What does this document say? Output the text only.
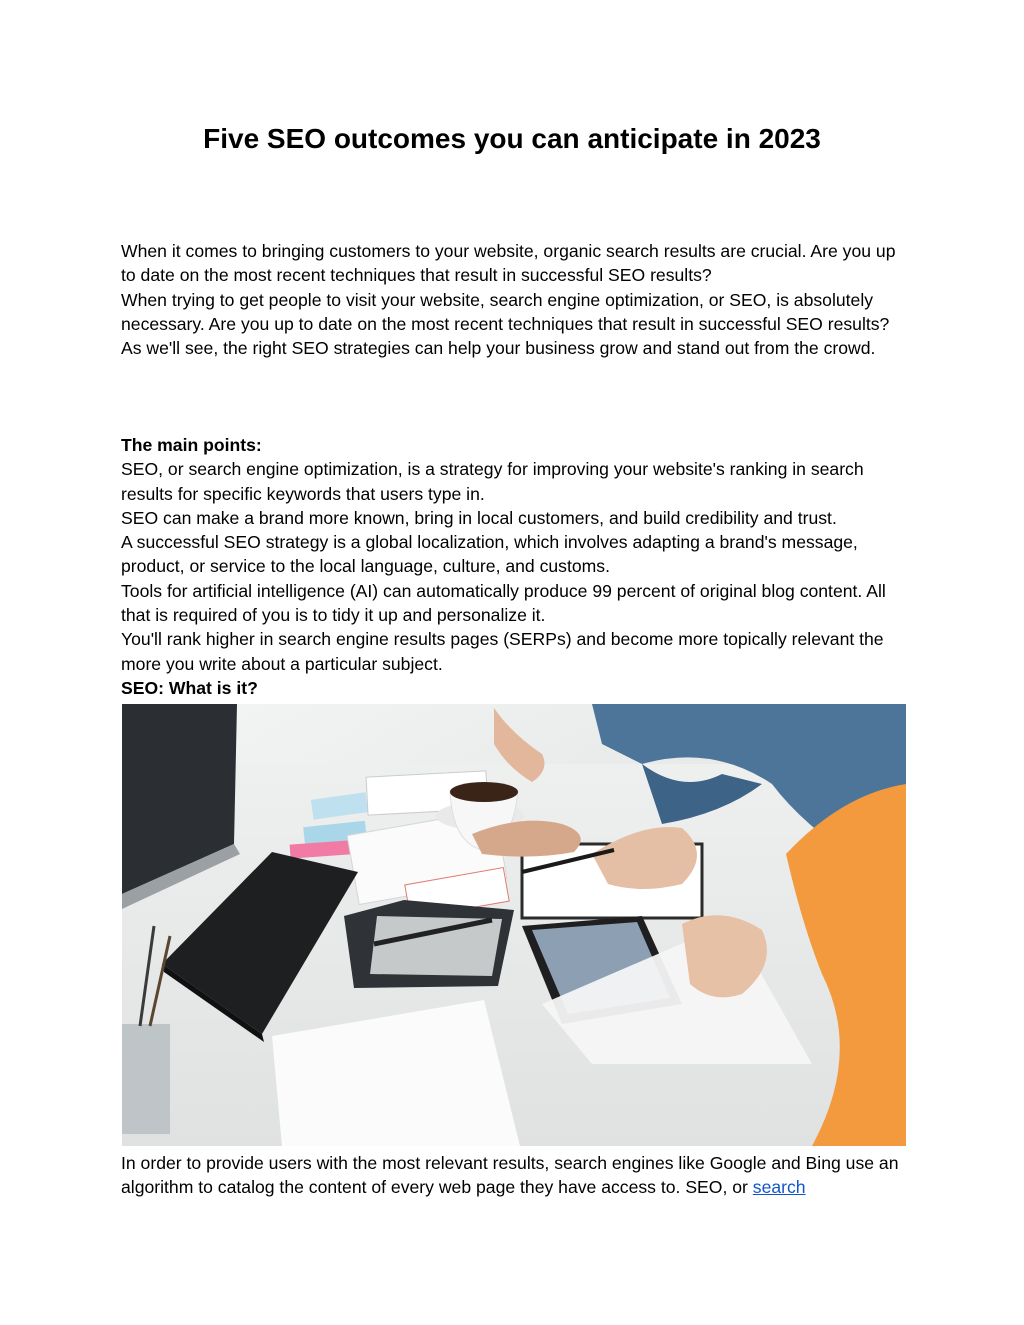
Five SEO outcomes you can anticipate in 2023

When it comes to bringing customers to your website, organic search results are crucial. Are you up to date on the most recent techniques that result in successful SEO results?

When trying to get people to visit your website, search engine optimization, or SEO, is absolutely necessary. Are you up to date on the most recent techniques that result in successful SEO results?

As we'll see, the right SEO strategies can help your business grow and stand out from the crowd.

The main points:

SEO, or search engine optimization, is a strategy for improving your website's ranking in search results for specific keywords that users type in.

SEO can make a brand more known, bring in local customers, and build credibility and trust.

A successful SEO strategy is a global localization, which involves adapting a brand's message, product, or service to the local language, culture, and customs.

Tools for artificial intelligence (AI) can automatically produce 99 percent of original blog content. All that is required of you is to tidy it up and personalize it.

You'll rank higher in search engine results pages (SERPs) and become more topically relevant the more you write about a particular subject.

SEO: What is it?

In order to provide users with the most relevant results, search engines like Google and Bing use an algorithm to catalog the content of every web page they have access to. SEO, or search
